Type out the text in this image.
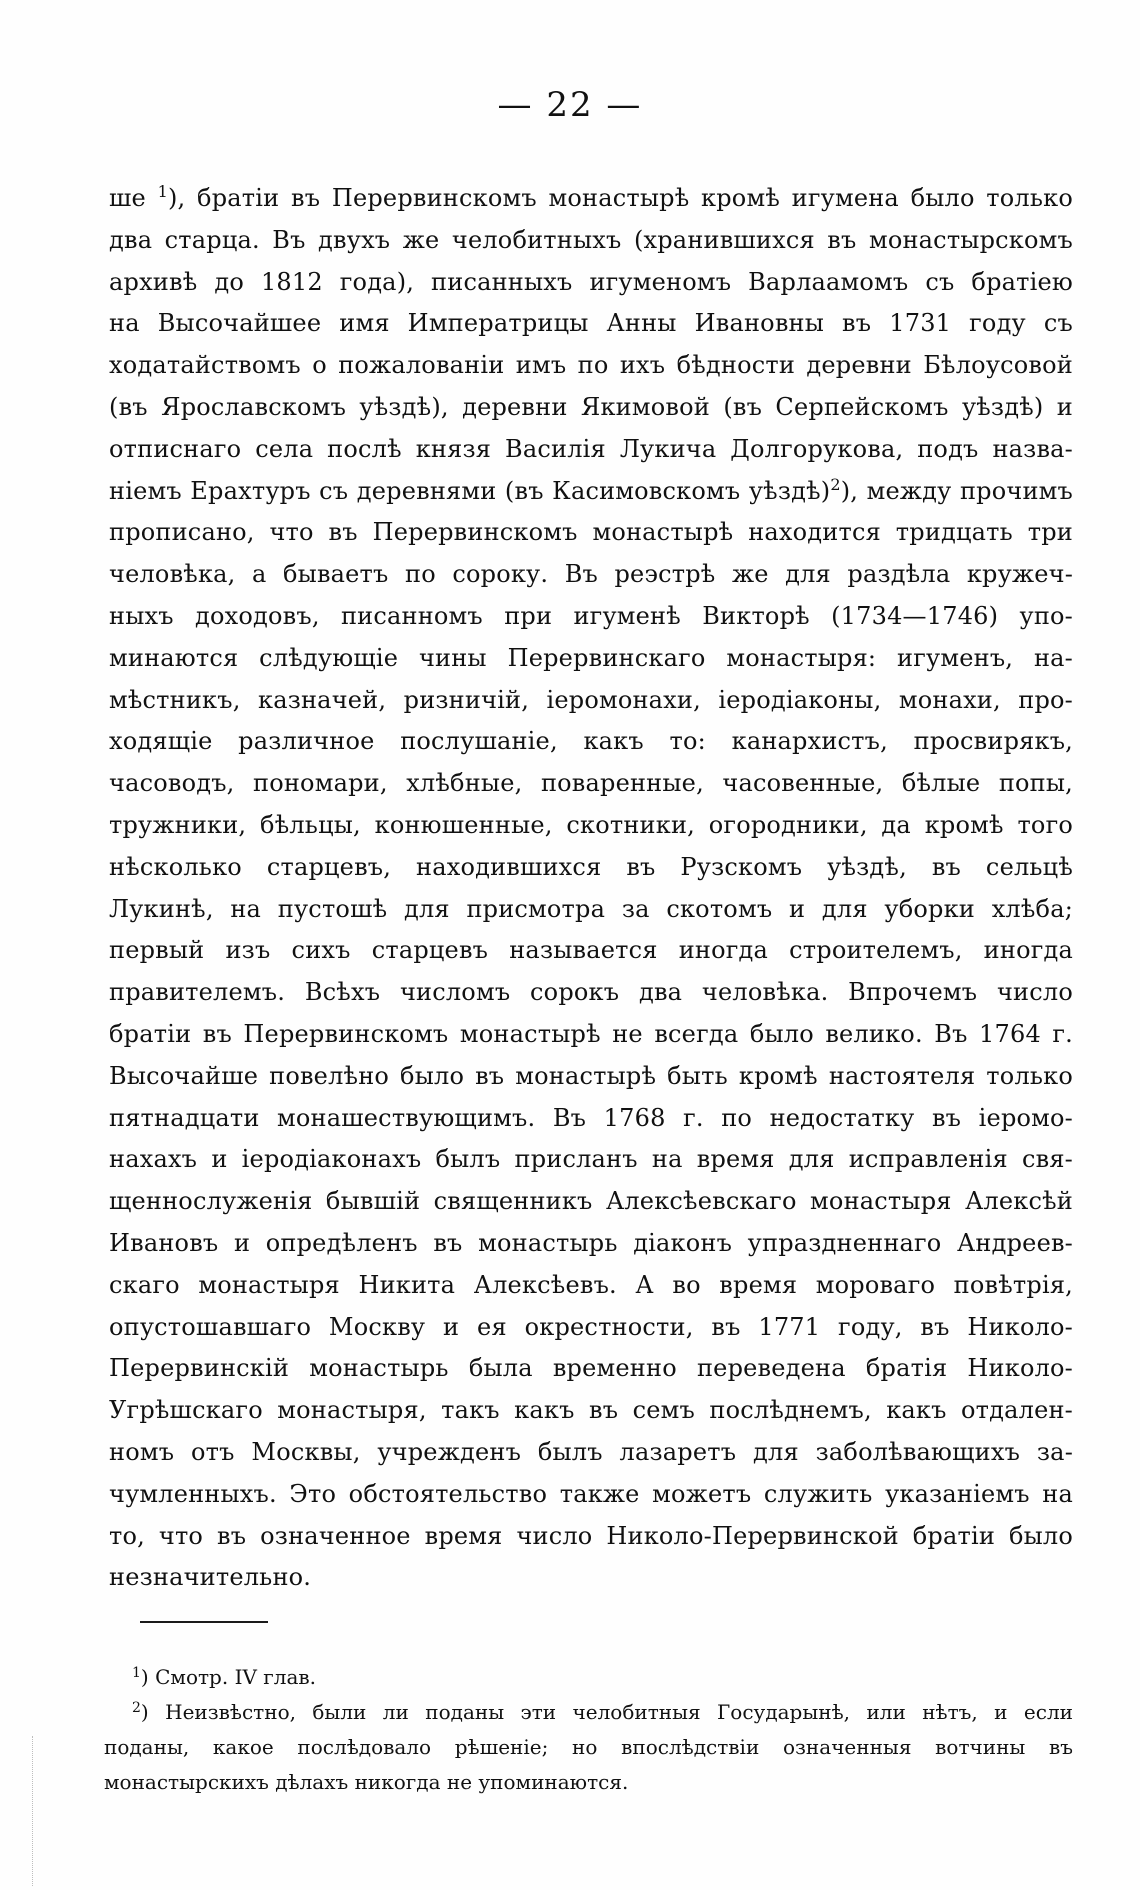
— 22 —
ше $^1$), братіи въ Перервинскомъ монастырѣ кромѣ игумена было только
два старца. Въ двухъ же челобитныхъ (хранившихся въ монастырскомъ
архивѣ до 1812 года), писанныхъ игуменомъ Варлаамомъ съ братіею
на Высочайшее имя Императрицы Анны Ивановны въ 1731 году съ
ходатайствомъ о пожалованіи имъ по ихъ бѣдности деревни Бѣлоусовой
(въ Ярославскомъ уѣздѣ), деревни Якимовой (въ Серпейскомъ уѣздѣ) и
отписнаго села послѣ князя Василія Лукича Долгорукова, подъ назва-
ніемъ Ерахтуръ съ деревнями (въ Касимовскомъ уѣздѣ)$^2$), между прочимъ
прописано, что въ Перервинскомъ монастырѣ находится тридцать три
человѣка, а бываетъ по сороку. Въ реэстрѣ же для раздѣла кружеч-
ныхъ доходовъ, писанномъ при игуменѣ Викторѣ (1734—1746) упо-
минаются слѣдующіе чины Перервинскаго монастыря: игуменъ, на-
мѣстникъ, казначей, ризничій, іеромонахи, іеродіаконы, монахи, про-
ходящіе различное послушаніе, какъ то: канархистъ, просвирякъ,
часоводъ, пономари, хлѣбные, поваренные, часовенные, бѣлые попы,
тружники, бѣльцы, конюшенные, скотники, огородники, да кромѣ того
нѣсколько старцевъ, находившихся въ Рузскомъ уѣздѣ, въ сельцѣ
Лукинѣ, на пустошѣ для присмотра за скотомъ и для уборки хлѣба;
первый изъ сихъ старцевъ называется иногда строителемъ, иногда
правителемъ. Всѣхъ числомъ сорокъ два человѣка. Впрочемъ число
братіи въ Перервинскомъ монастырѣ не всегда было велико. Въ 1764 г.
Высочайше повелѣно было въ монастырѣ быть кромѣ настоятеля только
пятнадцати монашествующимъ. Въ 1768 г. по недостатку въ іеромо-
нахахъ и іеродіаконахъ былъ присланъ на время для исправленія свя-
щеннослуженія бывшій священникъ Алексѣевскаго монастыря Алексѣй
Ивановъ и опредѣленъ въ монастырь діаконъ упраздненнаго Андреев-
скаго монастыря Никита Алексѣевъ. А во время мороваго повѣтрія,
опустошавшаго Москву и ея окрестности, въ 1771 году, въ Николо-
Перервинскій монастырь была временно переведена братія Николо-
Угрѣшскаго монастыря, такъ какъ въ семъ послѣднемъ, какъ отдален-
номъ отъ Москвы, учрежденъ былъ лазаретъ для заболѣвающихъ за-
чумленныхъ. Это обстоятельство также можетъ служить указаніемъ на
то, что въ означенное время число Николо-Перервинской братіи было
незначительно.
$^1$) Смотр. IV глав.
$^2$) Неизвѣстно, были ли поданы эти челобитныя Государынѣ, или нѣтъ, и если
поданы, какое послѣдовало рѣшеніе; но впослѣдствіи означенныя вотчины въ
монастырскихъ дѣлахъ никогда не упоминаются.
